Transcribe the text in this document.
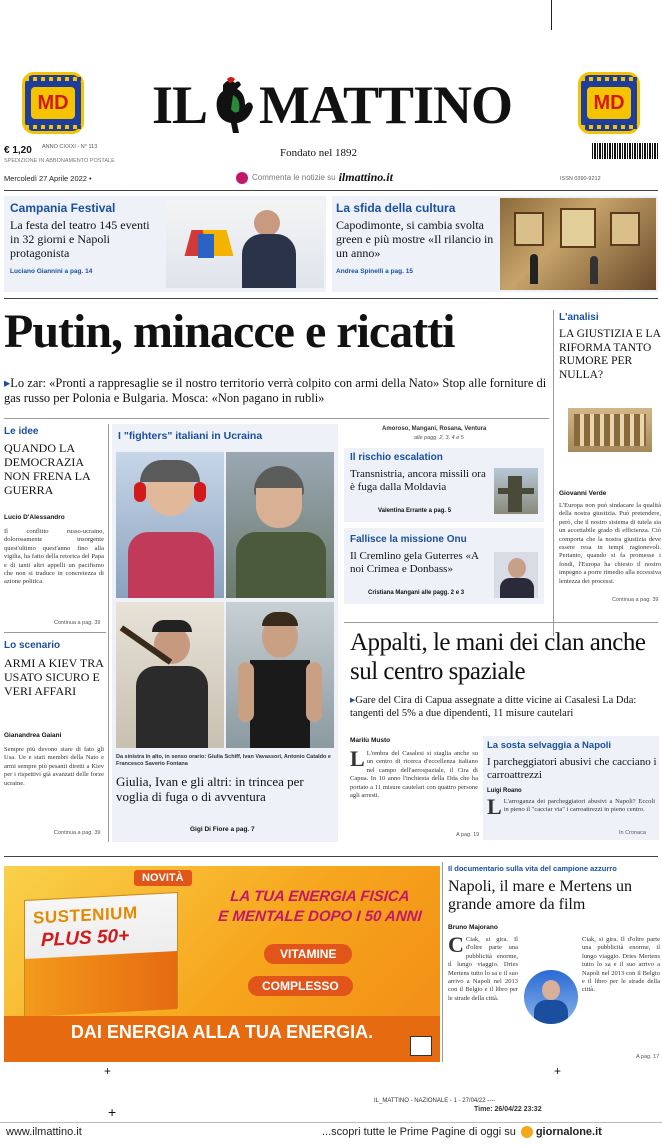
MD	MD
IL MATTINO
€ 1,20 ANNO CXXXI - N° 113
SPEDIZIONE IN ABBONAMENTO POSTALE
ISSN 0390-9212
Fondato nel 1892
Mercoledì 27 Aprile 2022 •	Commenta le notizie su ilmattino.it
Campania Festival
La festa del teatro 145 eventi in 32 giorni e Napoli protagonista
Luciano Giannini a pag. 14
La sfida della cultura
Capodimonte, si cambia svolta green e più mostre «Il rilancio in un anno»
Andrea Spinelli a pag. 15
Putin, minacce e ricatti
▸Lo zar: «Pronti a rappresaglie se il nostro territorio verrà colpito con armi della Nato» Stop alle forniture di gas russo per Polonia e Bulgaria. Mosca: «Non pagano in rubli»
L'analisi
LA GIUSTIZIA E LA RIFORMA TANTO RUMORE PER NULLA?
Giovanni Verde
L'Europa non può sindacare la qualità della nostra giustizia. Può pretendere, però, che il nostro sistema di tutela sia un accettabile grado di efficienza. Ciò comporta che la nostra giustizia deve essere resa in tempi ragionevoli. Pertanto, quando si fa promesse i fondi, l'Europa ha chiesto il nostro impegno a porre rimedio alla eccessiva lentezza dei processi.
Continua a pag. 39
Le idee
QUANDO LA DEMOCRAZIA NON FRENA LA GUERRA
Lucio D'Alessandro
Il conflitto russo-ucraino, dolorosamente insorgente quest'ultimo quest'anno fino alla vigilia, ha fatto della retorica del Papa e di tanti altri appelli un pacifismo che non si traduce in concretezza di azione politica.
Continua a pag. 39
Lo scenario
ARMI A KIEV TRA USATO SICURO E VERI AFFARI
Gianandrea Gaiani
Sempre più devono stare di fato gli Usa. Ue e stati membri della Nato e armi sempre più pesanti diretti a Kiev per i rispettivi già avanzati delle forze ucraine.
Continua a pag. 39
I "fighters" italiani in Ucraina
Da sinistra in alto, in senso orario: Giulia Schiff, Ivan Vavassori, Antonio Cataldo e Francesco Saverio Fontana
Giulia, Ivan e gli altri: in trincea per voglia di fuga o di avventura
Gigi Di Fiore a pag. 7
Amoroso, Mangani, Rosana, Ventura
alle pagg. 2, 3, 4 e 5
Il rischio escalation
Transnistria, ancora missili ora è fuga dalla Moldavia
Valentina Errante a pag. 5
Fallisce la missione Onu
Il Cremlino gela Guterres «A noi Crimea e Donbass»
Cristiana Mangani alle pagg. 2 e 3
Appalti, le mani dei clan anche sul centro spaziale
▸Gare del Cira di Capua assegnate a ditte vicine ai Casalesi La Dda: tangenti del 5% a due dipendenti, 11 misure cautelari
Marilù Musto
L L'ombra del Casalesi si staglia anche su un centro di ricerca d'eccellenza italiano nel campo dell'aerospaziale, il Cira di Capua. In 10 anno l'inchiesta della Dda che ha portato a 11 misure cautelari con quattro persone agli arresti.
A pag. 19
La sosta selvaggia a Napoli
I parcheggiatori abusivi che cacciano i carroattrezzi
Luigi Roano
L L'arroganza dei parcheggiatori abusivi a Napoli? Eccoli in pieno il "cacciar via" i carroattrezzi in pieno centro.
In Cronaca
NOVITÀ
SUSTENIUM
PLUS 50+
LA TUA ENERGIA FISICA
E MENTALE DOPO I 50 ANNI
VITAMINE
COMPLESSO
DAI ENERGIA ALLA TUA ENERGIA.
Il documentario sulla vita del campione azzurro
Napoli, il mare e Mertens un grande amore da film
Bruno Majorano
C Ciak, si gira. Il d'oltre parte una pubblicità enorme, il lungo viaggio. Dries Mertens tutto lo sa e il suo arrivo a Napoli nel 2013 con il Belgio e il libro per le strade della città.
Ciak, si gira. Il d'oltre parte una pubblicità enorme, il lungo viaggio. Dries Mertens tutto lo sa e il suo arrivo a Napoli nel 2013 con il Belgio e il libro per le strade della città.
A pag. 17
+	+
+
IL_MATTINO - NAZIONALE - 1 - 27/04/22 ----
Time: 26/04/22 23:32
www.ilmattino.it	...scopri tutte le Prime Pagine di oggi su giornalone.it
